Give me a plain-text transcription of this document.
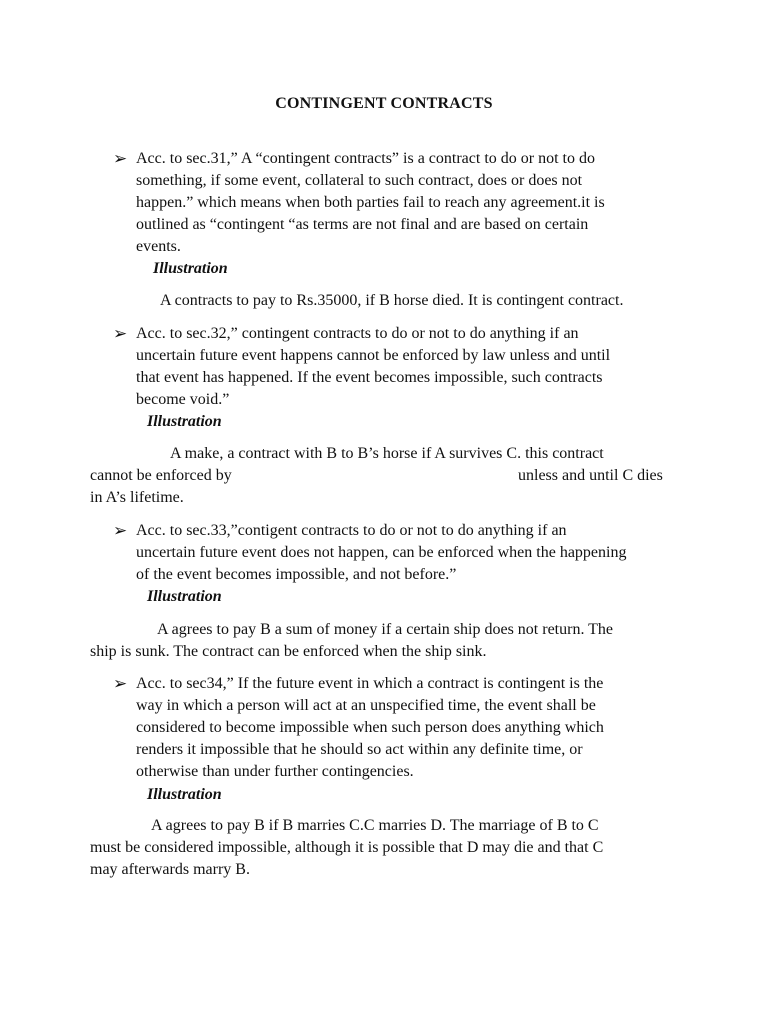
CONTINGENT CONTRACTS
➢ Acc. to sec.31,” A “contingent contracts” is a contract to do or not to do
something, if some event, collateral to such contract, does or does not
happen.” which means when both parties fail to reach any agreement.it is
outlined as “contingent “as terms are not final and are based on certain
events.
Illustration
A contracts to pay to Rs.35000, if B horse died. It is contingent contract.
➢ Acc. to sec.32,” contingent contracts to do or not to do anything if an
uncertain future event happens cannot be enforced by law unless and until
that event has happened. If the event becomes impossible, such contracts
become void.”
Illustration
A make, a contract with B to B’s horse if A survives C. this contract
cannot be enforced by	unless and until C dies
in A’s lifetime.
➢ Acc. to sec.33,”contigent contracts to do or not to do anything if an
uncertain future event does not happen, can be enforced when the happening
of the event becomes impossible, and not before.”
Illustration
A agrees to pay B a sum of money if a certain ship does not return. The
ship is sunk. The contract can be enforced when the ship sink.
➢ Acc. to sec34,” If the future event in which a contract is contingent is the
way in which a person will act at an unspecified time, the event shall be
considered to become impossible when such person does anything which
renders it impossible that he should so act within any definite time, or
otherwise than under further contingencies.
Illustration
A agrees to pay B if B marries C.C marries D. The marriage of B to C
must be considered impossible, although it is possible that D may die and that C
may afterwards marry B.
